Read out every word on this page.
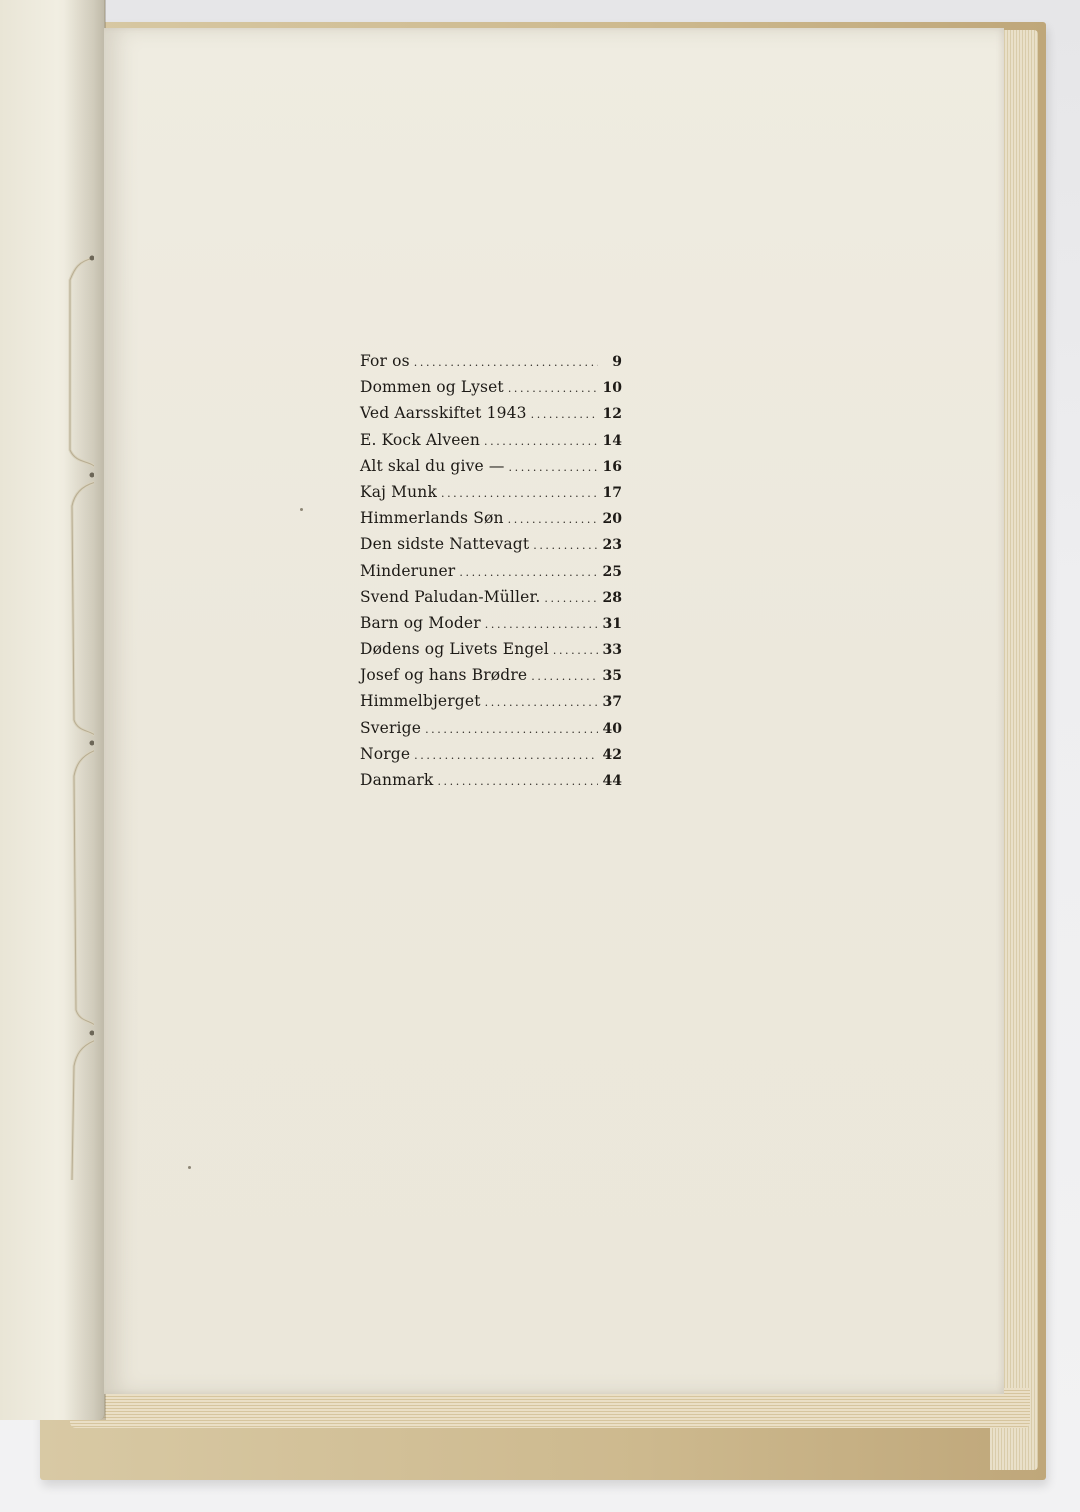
For os .....	9
Dommen og Lyset .....	10
Ved Aarsskiftet 1943 .....	12
E. Kock Alveen .....	14
Alt skal du give — .....	16
Kaj Munk .....	17
Himmerlands Søn .....	20
Den sidste Nattevagt .....	23
Minderuner .....	25
Svend Paludan-Müller. .....	28
Barn og Moder .....	31
Dødens og Livets Engel .....	33
Josef og hans Brødre .....	35
Himmelbjerget .....	37
Sverige .....	40
Norge .....	42
Danmark .....	44
